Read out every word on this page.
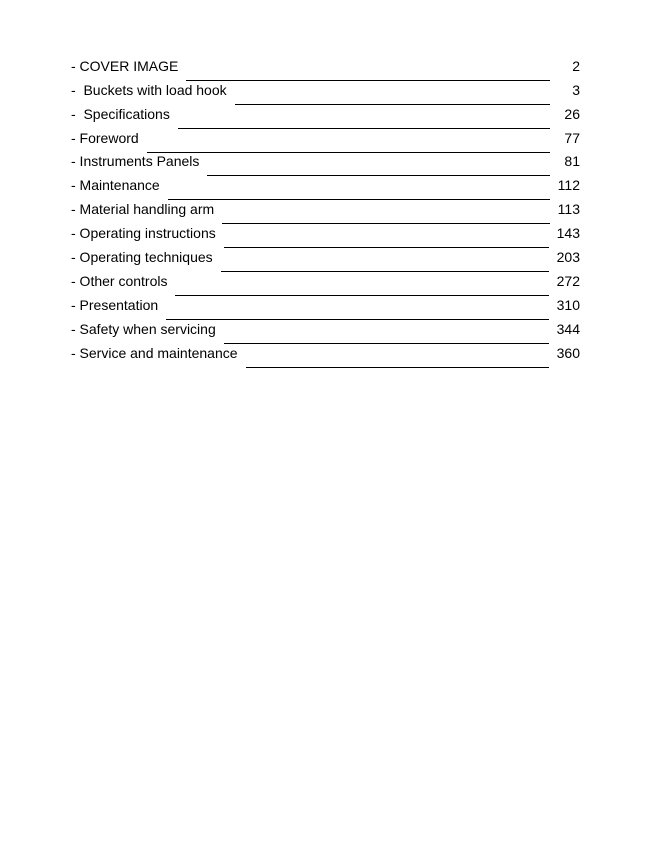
- COVER IMAGE	2
-  Buckets with load hook	3
-  Specifications	26
- Foreword	77
- Instruments Panels	81
- Maintenance	112
- Material handling arm	113
- Operating instructions	143
- Operating techniques	203
- Other controls	272
- Presentation	310
- Safety when servicing	344
- Service and maintenance	360
